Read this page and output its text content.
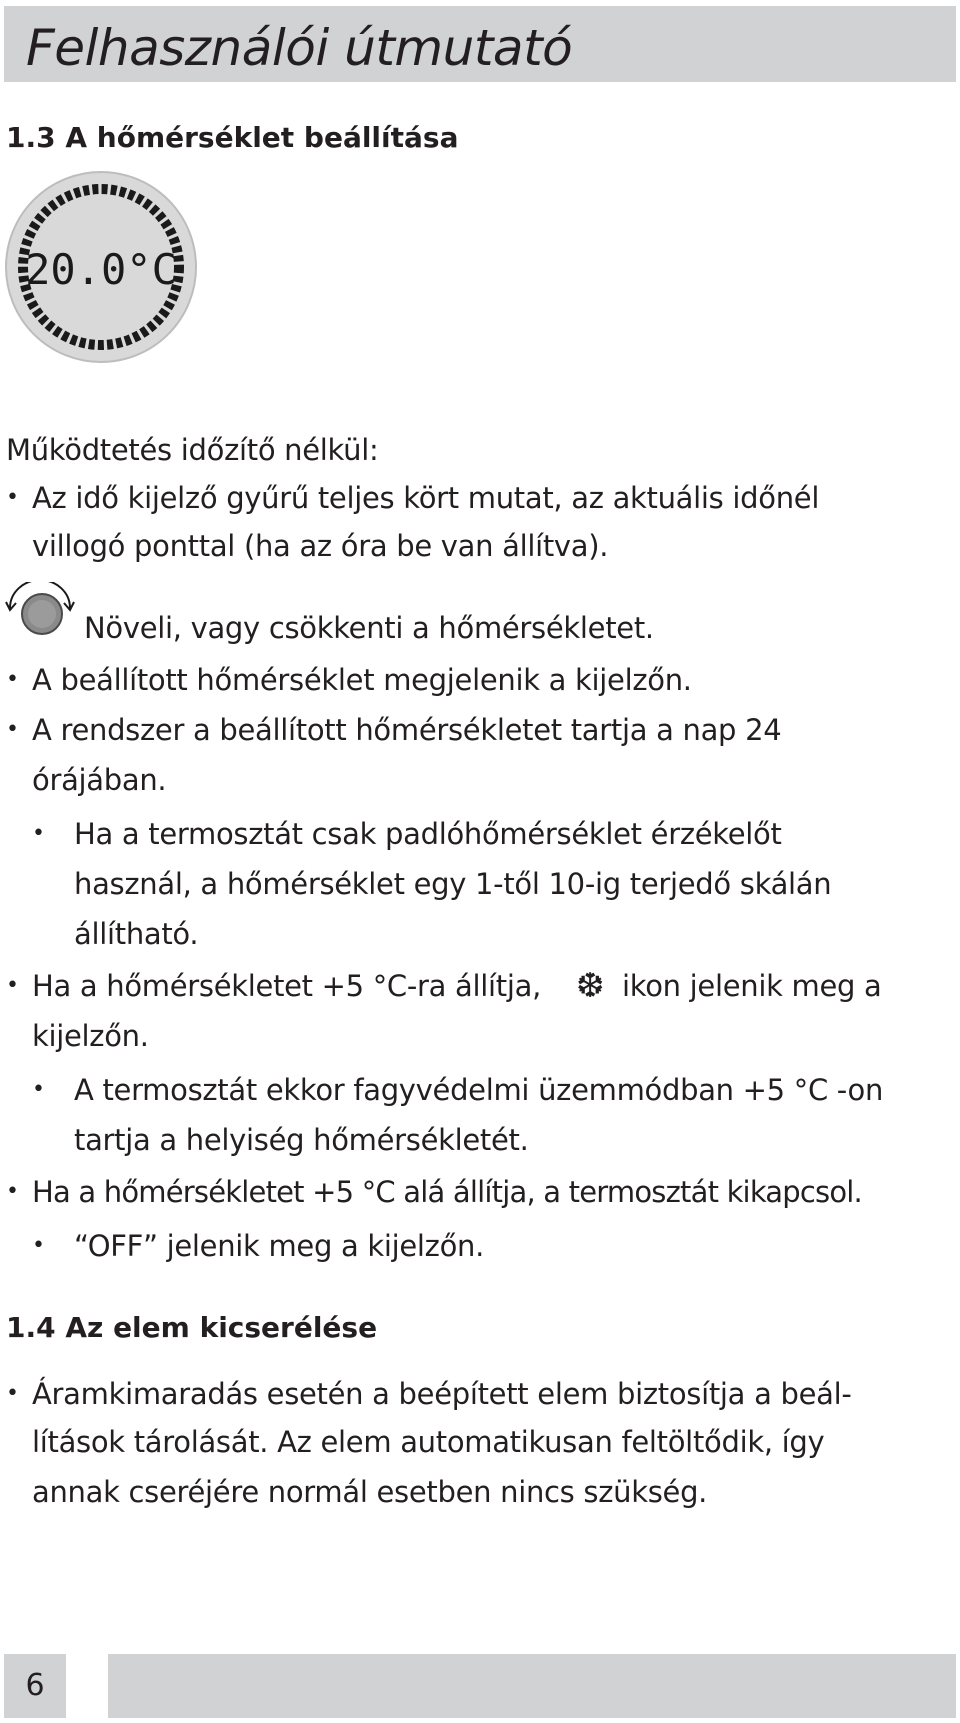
Felhasználói útmutató
1.3 A hőmérséklet beállítása
20.0°C
Működtetés időzítő nélkül:
• Az idő kijelző gyűrű teljes kört mutat, az aktuális időnél
villogó ponttal (ha az óra be van állítva).
Növeli, vagy csökkenti a hőmérsékletet.
• A beállított hőmérséklet megjelenik a kijelzőn.
• A rendszer a beállított hőmérsékletet tartja a nap 24
órájában.
• Ha a termosztát csak padlóhőmérséklet érzékelőt
használ, a hőmérséklet egy 1-től 10-ig terjedő skálán
állítható.
• Ha a hőmérsékletet +5 °C-ra állítja, ❆ ikon jelenik meg a
kijelzőn.
• A termosztát ekkor fagyvédelmi üzemmódban +5 °C -on
tartja a helyiség hőmérsékletét.
• Ha a hőmérsékletet +5 °C alá állítja, a termosztát kikapcsol.
• “OFF” jelenik meg a kijelzőn.
1.4 Az elem kicserélése
• Áramkimaradás esetén a beépített elem biztosítja a beál-
lítások tárolását. Az elem automatikusan feltöltődik, így
annak cseréjére normál esetben nincs szükség.
6
